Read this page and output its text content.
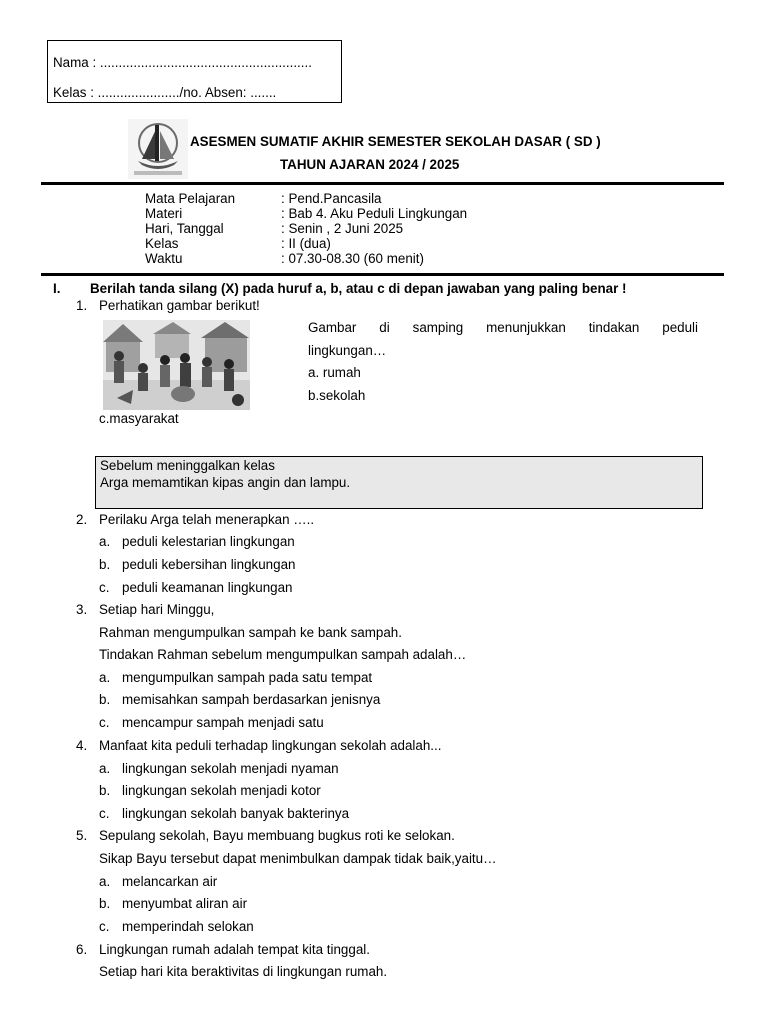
Nama : .........................................................
Kelas : ....................../no. Absen: .......
ASESMEN SUMATIF AKHIR SEMESTER SEKOLAH DASAR ( SD )
TAHUN AJARAN 2024 / 2025
Mata Pelajaran	: Pend.Pancasila
Materi	: Bab 4. Aku Peduli Lingkungan
Hari, Tanggal	: Senin , 2 Juni 2025
Kelas	: II (dua)
Waktu	: 07.30-08.30 (60 menit)
I. Berilah tanda silang (X) pada huruf a, b, atau c di depan jawaban yang paling benar !
1. Perhatikan gambar berikut!
Gambar di samping menunjukkan tindakan peduli
lingkungan…
a. rumah
b.sekolah
c.masyarakat
Sebelum meninggalkan kelas
Arga memamtikan kipas angin dan lampu.
2. Perilaku Arga telah menerapkan …..
a. peduli kelestarian lingkungan
b. peduli kebersihan lingkungan
c. peduli keamanan lingkungan
3. Setiap hari Minggu,
Rahman mengumpulkan sampah ke bank sampah.
Tindakan Rahman sebelum mengumpulkan sampah adalah…
a. mengumpulkan sampah pada satu tempat
b. memisahkan sampah berdasarkan jenisnya
c. mencampur sampah menjadi satu
4. Manfaat kita peduli terhadap lingkungan sekolah adalah...
a. lingkungan sekolah menjadi nyaman
b. lingkungan sekolah menjadi kotor
c. lingkungan sekolah banyak bakterinya
5. Sepulang sekolah, Bayu membuang bugkus roti ke selokan.
Sikap Bayu tersebut dapat menimbulkan dampak tidak baik,yaitu…
a. melancarkan air
b. menyumbat aliran air
c. memperindah selokan
6. Lingkungan rumah adalah tempat kita tinggal.
Setiap hari kita beraktivitas di lingkungan rumah.
